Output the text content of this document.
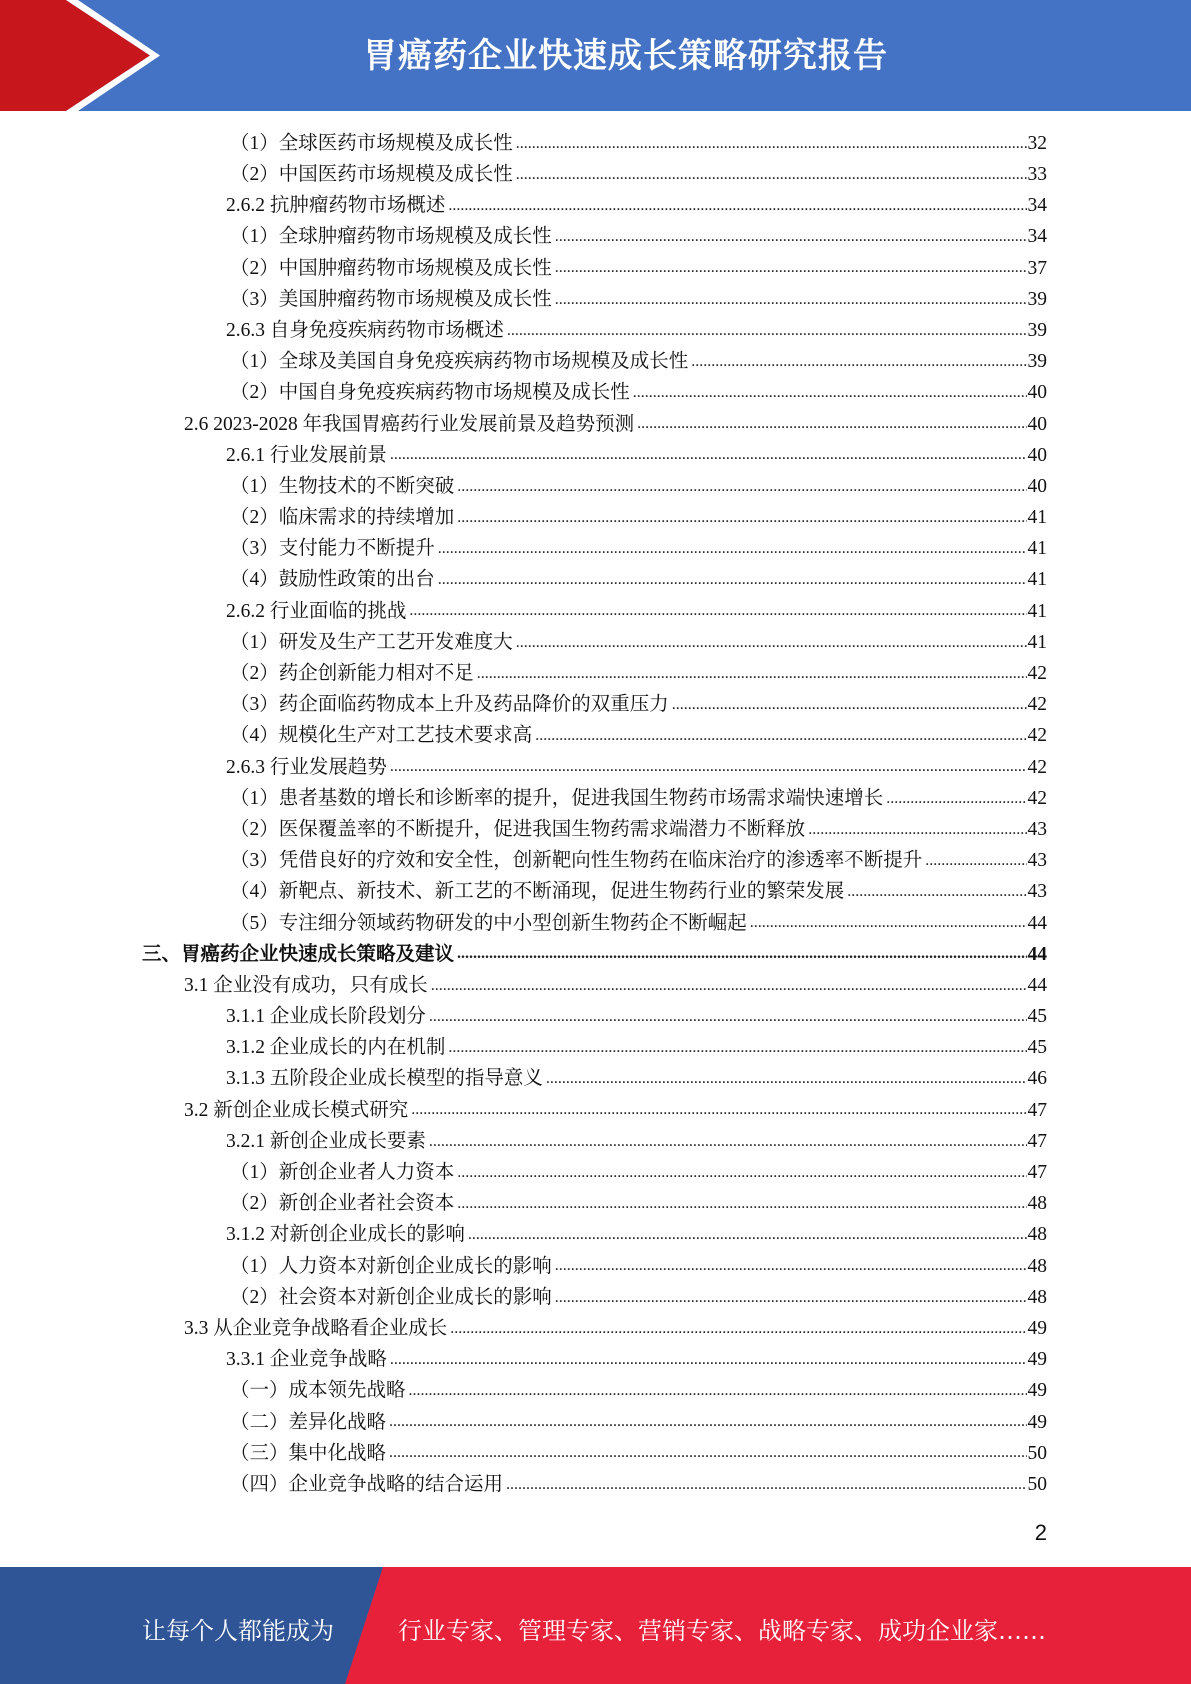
胃癌药企业快速成长策略研究报告
（1）全球医药市场规模及成长性 .....	32
（2）中国医药市场规模及成长性 .....	33
2.6.2 抗肿瘤药物市场概述 .....	34
（1）全球肿瘤药物市场规模及成长性 .....	34
（2）中国肿瘤药物市场规模及成长性 .....	37
（3）美国肿瘤药物市场规模及成长性 .....	39
2.6.3 自身免疫疾病药物市场概述 .....	39
（1）全球及美国自身免疫疾病药物市场规模及成长性 .....	39
（2）中国自身免疫疾病药物市场规模及成长性 .....	40
2.6 2023-2028 年我国胃癌药行业发展前景及趋势预测 .....	40
2.6.1 行业发展前景 .....	40
（1）生物技术的不断突破 .....	40
（2）临床需求的持续增加 .....	41
（3）支付能力不断提升 .....	41
（4）鼓励性政策的出台 .....	41
2.6.2 行业面临的挑战 .....	41
（1）研发及生产工艺开发难度大 .....	41
（2）药企创新能力相对不足 .....	42
（3）药企面临药物成本上升及药品降价的双重压力 .....	42
（4）规模化生产对工艺技术要求高 .....	42
2.6.3 行业发展趋势 .....	42
（1）患者基数的增长和诊断率的提升，促进我国生物药市场需求端快速增长 .....	42
（2）医保覆盖率的不断提升，促进我国生物药需求端潜力不断释放 .....	43
（3）凭借良好的疗效和安全性，创新靶向性生物药在临床治疗的渗透率不断提升 .....	43
（4）新靶点、新技术、新工艺的不断涌现，促进生物药行业的繁荣发展 .....	43
（5）专注细分领域药物研发的中小型创新生物药企不断崛起 .....	44
三、胃癌药企业快速成长策略及建议 .....	44
3.1 企业没有成功，只有成长 .....	44
3.1.1 企业成长阶段划分 .....	45
3.1.2 企业成长的内在机制 .....	45
3.1.3 五阶段企业成长模型的指导意义 .....	46
3.2 新创企业成长模式研究 .....	47
3.2.1 新创企业成长要素 .....	47
（1）新创企业者人力资本 .....	47
（2）新创企业者社会资本 .....	48
3.1.2 对新创企业成长的影响 .....	48
（1）人力资本对新创企业成长的影响 .....	48
（2）社会资本对新创企业成长的影响 .....	48
3.3 从企业竞争战略看企业成长 .....	49
3.3.1 企业竞争战略 .....	49
（一）成本领先战略 .....	49
（二）差异化战略 .....	49
（三）集中化战略 .....	50
（四）企业竞争战略的结合运用 .....	50
2
让每个人都能成为	行业专家、管理专家、营销专家、战略专家、成功企业家……
